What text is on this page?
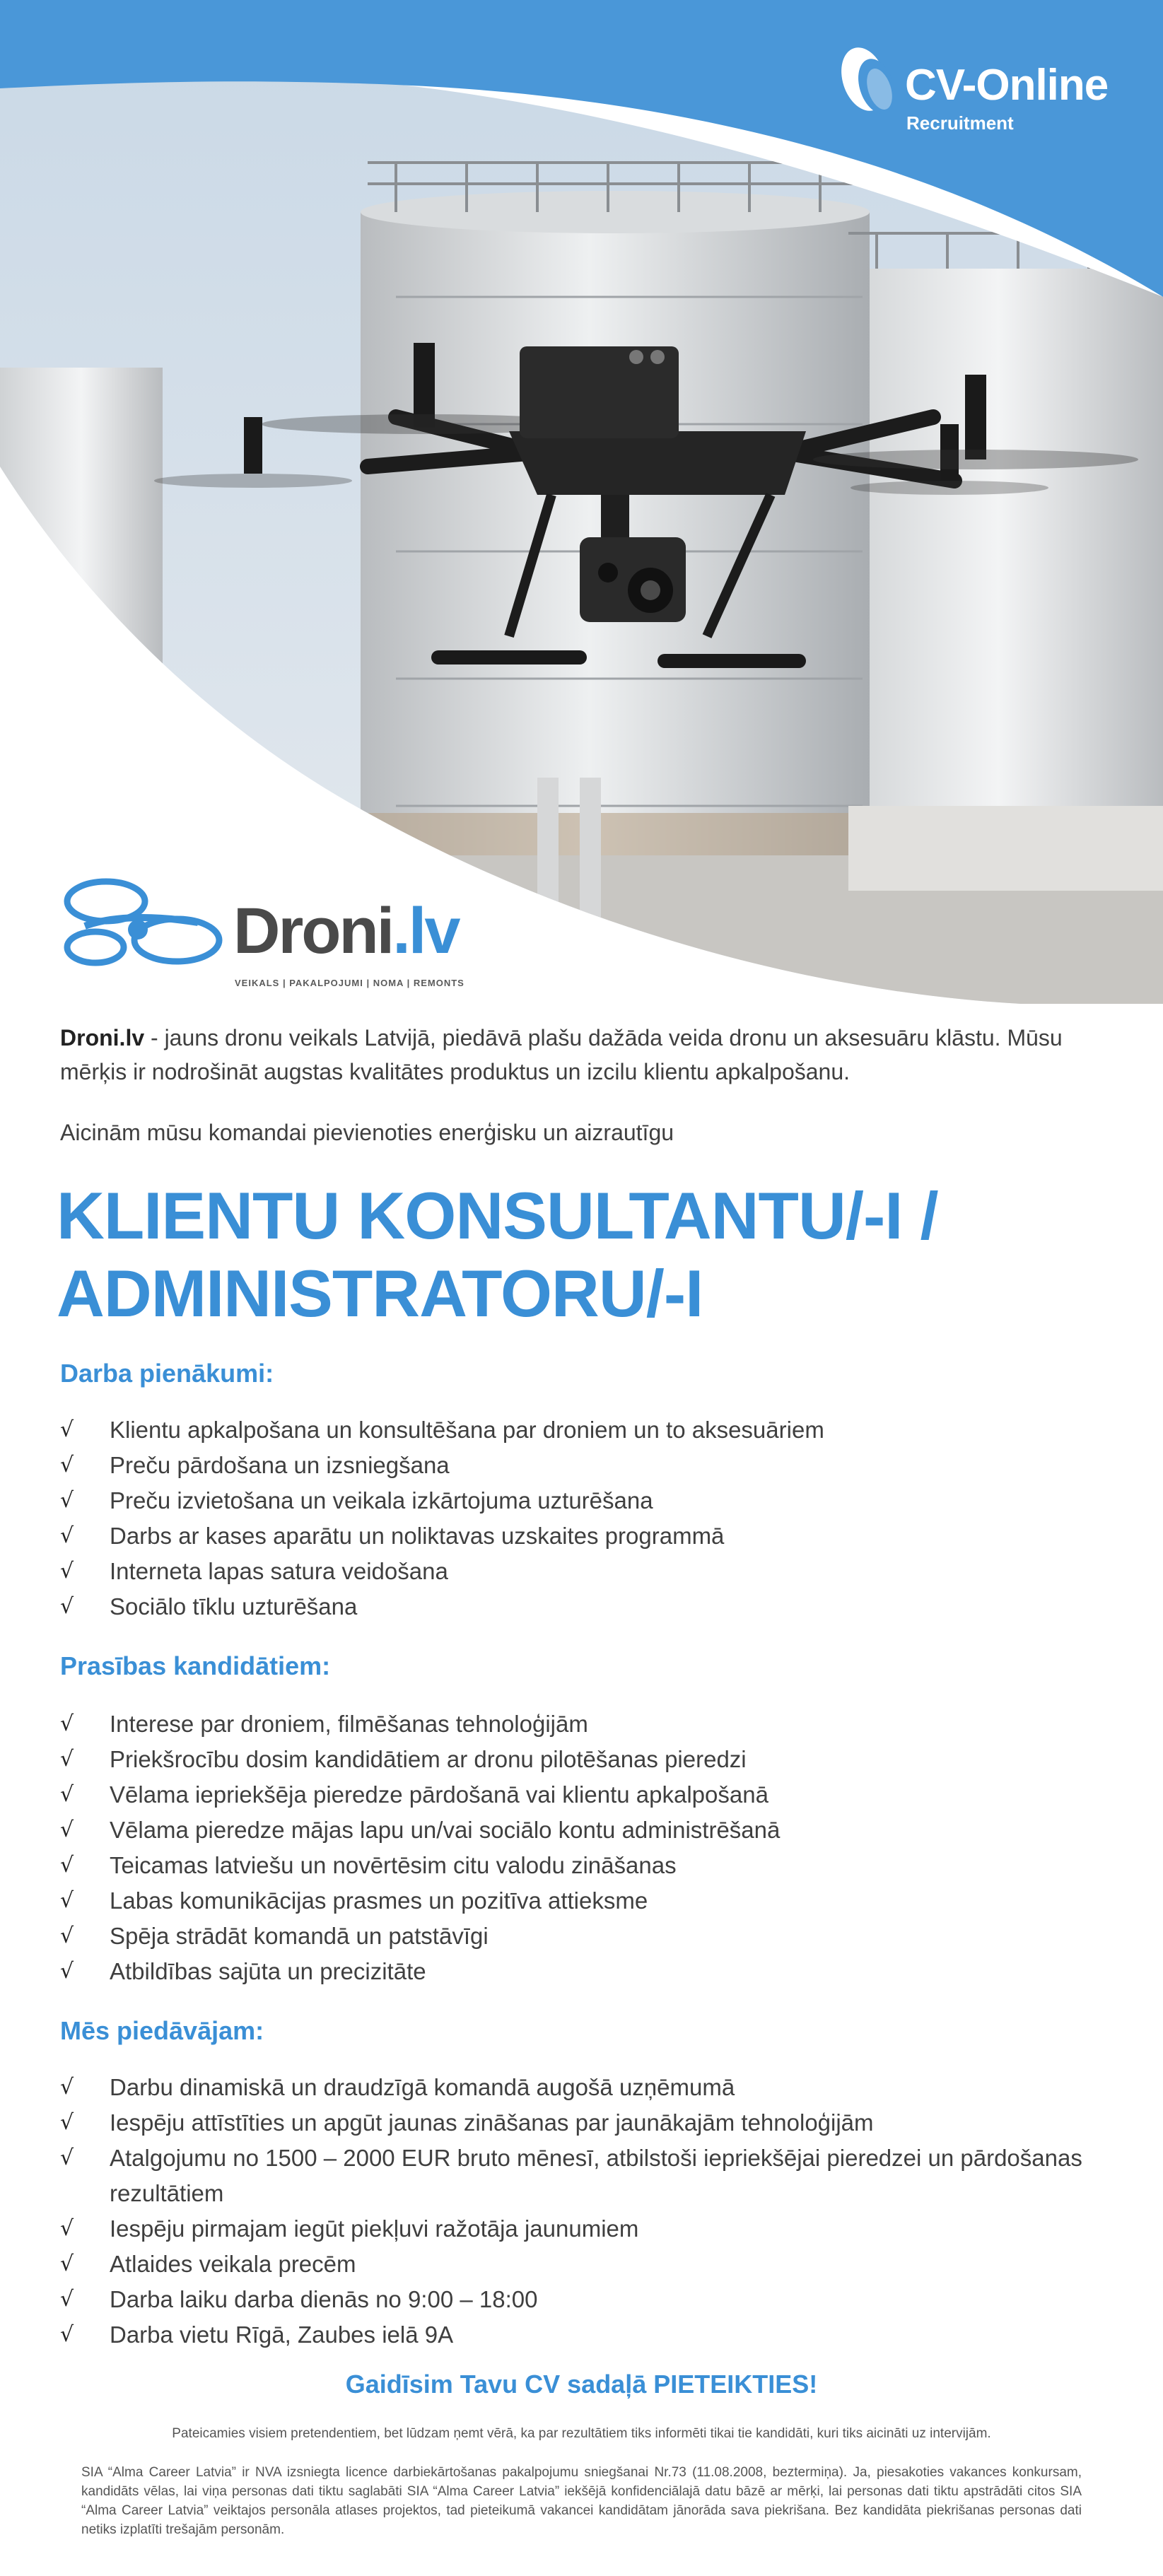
CV-Online
Recruitment
Droni.lv
VEIKALS | PAKALPOJUMI | NOMA | REMONTS
Droni.lv - jauns dronu veikals Latvijā, piedāvā plašu dažāda veida dronu un aksesuāru klāstu. Mūsu mērķis ir nodrošināt augstas kvalitātes produktus un izcilu klientu apkalpošanu.
Aicinām mūsu komandai pievienoties enerģisku un aizrautīgu
KLIENTU KONSULTANTU/-I /
ADMINISTRATORU/-I
Darba pienākumi:
√ Klientu apkalpošana un konsultēšana par droniem un to aksesuāriem
√ Preču pārdošana un izsniegšana
√ Preču izvietošana un veikala izkārtojuma uzturēšana
√ Darbs ar kases aparātu un noliktavas uzskaites programmā
√ Interneta lapas satura veidošana
√ Sociālo tīklu uzturēšana
Prasības kandidātiem:
√ Interese par droniem, filmēšanas tehnoloģijām
√ Priekšrocību dosim kandidātiem ar dronu pilotēšanas pieredzi
√ Vēlama iepriekšēja pieredze pārdošanā vai klientu apkalpošanā
√ Vēlama pieredze mājas lapu un/vai sociālo kontu administrēšanā
√ Teicamas latviešu un novērtēsim citu valodu zināšanas
√ Labas komunikācijas prasmes un pozitīva attieksme
√ Spēja strādāt komandā un patstāvīgi
√ Atbildības sajūta un precizitāte
Mēs piedāvājam:
√ Darbu dinamiskā un draudzīgā komandā augošā uzņēmumā
√ Iespēju attīstīties un apgūt jaunas zināšanas par jaunākajām tehnoloģijām
√ Atalgojumu no 1500 – 2000 EUR bruto mēnesī, atbilstoši iepriekšējai pieredzei un pārdošanas rezultātiem
√ Iespēju pirmajam iegūt piekļuvi ražotāja jaunumiem
√ Atlaides veikala precēm
√ Darba laiku darba dienās no 9:00 – 18:00
√ Darba vietu Rīgā, Zaubes ielā 9A
Gaidīsim Tavu CV sadaļā PIETEIKTIES!
Pateicamies visiem pretendentiem, bet lūdzam ņemt vērā, ka par rezultātiem tiks informēti tikai tie kandidāti, kuri tiks aicināti uz intervijām.
SIA “Alma Career Latvia” ir NVA izsniegta licence darbiekārtošanas pakalpojumu sniegšanai Nr.73 (11.08.2008, beztermiņa). Ja, piesakoties vakances konkursam, kandidāts vēlas, lai viņa personas dati tiktu saglabāti SIA “Alma Career Latvia” iekšējā konfidenciālajā datu bāzē ar mērķi, lai personas dati tiktu apstrādāti citos SIA “Alma Career Latvia” veiktajos personāla atlases projektos, tad pieteikumā vakancei kandidātam jānorāda sava piekrišana. Bez kandidāta piekrišanas personas dati netiks izplatīti trešajām personām.
